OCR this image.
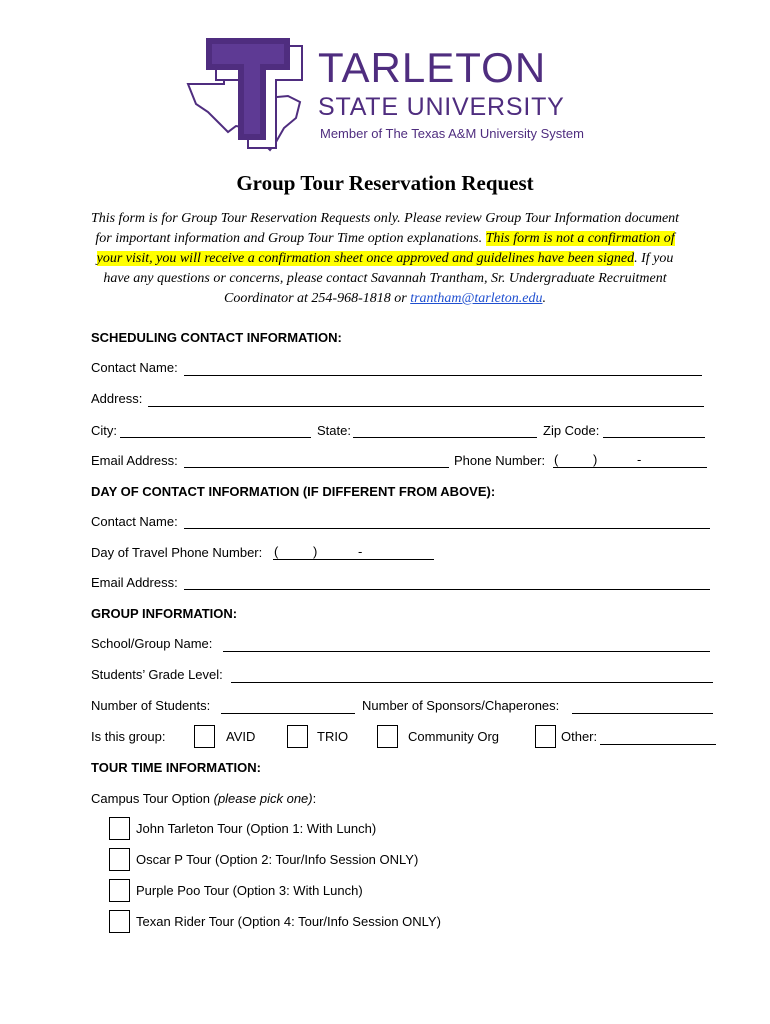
TARLETON
STATE UNIVERSITY
Member of The Texas A&M University System
Group Tour Reservation Request
This form is for Group Tour Reservation Requests only. Please review Group Tour Information document for important information and Group Tour Time option explanations. This form is not a confirmation of your visit, you will receive a confirmation sheet once approved and guidelines have been signed. If you have any questions or concerns, please contact Savannah Trantham, Sr. Undergraduate Recruitment Coordinator at 254-968-1818 or trantham@tarleton.edu.
SCHEDULING CONTACT INFORMATION:
Contact Name:
Address:
City:	State:	Zip Code:
Email Address:	Phone Number: (	)	-
DAY OF CONTACT INFORMATION (IF DIFFERENT FROM ABOVE):
Contact Name:
Day of Travel Phone Number: (	)	-
Email Address:
GROUP INFORMATION:
School/Group Name:
Students’ Grade Level:
Number of Students:	Number of Sponsors/Chaperones:
Is this group:	AVID	TRIO	Community Org	Other:
TOUR TIME INFORMATION:
Campus Tour Option (please pick one):
John Tarleton Tour (Option 1: With Lunch)
Oscar P Tour (Option 2: Tour/Info Session ONLY)
Purple Poo Tour (Option 3: With Lunch)
Texan Rider Tour (Option 4: Tour/Info Session ONLY)
